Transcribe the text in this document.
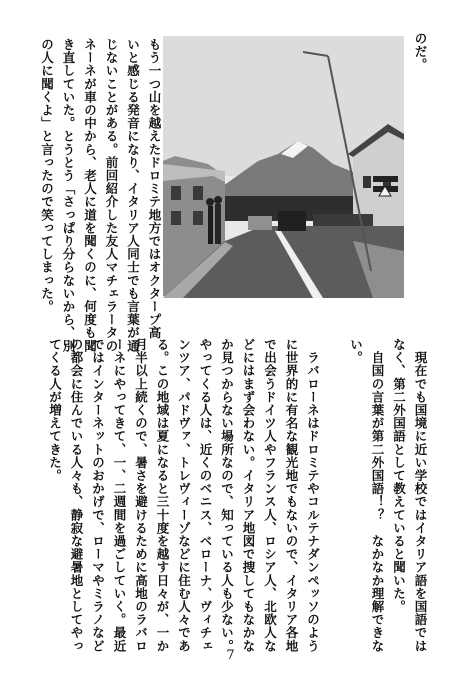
のだ。
もう一つ山を越えたドロミテ地方ではオクタープ高
いと感じる発音になり、イタリア人同士でも言葉が通
じないことがある。前回紹介した友人マチェラータの
ネーネが車の中から、老人に道を聞くのに、何度も聞
き直していた。とうとう「さっぱり分らないから、別
の人に聞くよ」と言ったので笑ってしまった。
　現在でも国境に近い学校ではイタリア語を国語では
なく、第二外国語として教えていると聞いた。
　自国の言葉が第二外国語！？　なかなか理解できな
い。

　ラバローネはドロミテやコルテナダンペッソのよう
に世界的に有名な観光地でもないので、イタリア各地
で出会うドイツ人やフランス人、ロシア人、北欧人な
どにはまず会わない。イタリア地図で捜してもなかな
か見つからない場所なので、知っている人も少ない。
やってくる人は、近くのベニス、ベローナ、ヴィチェ
ンツア、パドヴァ、トレヴィーゾなどに住む人々であ
る。この地域は夏になると三十度を越す日々が、一か
月半以上続くので、暑さを避けるために高地のラバロ
ーネにやってきて、一、二週間を過ごしていく。最近
ではインターネットのおかげで、ローマやミラノなど
の都会に住んでいる人々も、静寂な避暑地としてやっ
てくる人が増えてきた。
7
